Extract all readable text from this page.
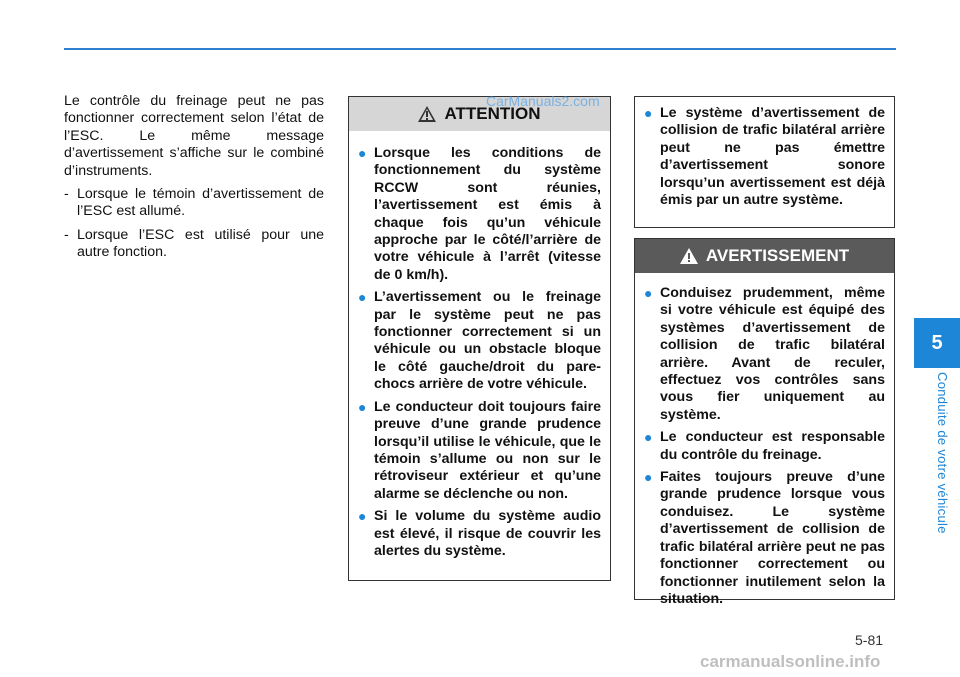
5
Conduite de votre véhicule

Le contrôle du freinage peut ne pas fonctionner correctement selon l’état de l’ESC. Le même message d’avertissement s’affiche sur le combiné d’instruments.

- Lorsque le témoin d’avertissement de l’ESC est allumé.
- Lorsque l’ESC est utilisé pour une autre fonction.
ATTENTION
● Lorsque les conditions de fonctionnement du système RCCW sont réunies, l’avertissement est émis à chaque fois qu’un véhicule approche par le côté/l’arrière de votre véhicule à l’arrêt (vitesse de 0 km/h).
● L’avertissement ou le freinage par le système peut ne pas fonctionner correctement si un véhicule ou un obstacle bloque le côté gauche/droit du pare-chocs arrière de votre véhicule.
● Le conducteur doit toujours faire preuve d’une grande prudence lorsqu’il utilise le véhicule, que le témoin s’allume ou non sur le rétroviseur extérieur et qu’une alarme se déclenche ou non.
● Si le volume du système audio est élevé, il risque de couvrir les alertes du système.
● Le système d’avertissement de collision de trafic bilatéral arrière peut ne pas émettre d’avertissement sonore lorsqu’un avertissement est déjà émis par un autre système.
AVERTISSEMENT
● Conduisez prudemment, même si votre véhicule est équipé des systèmes d’avertissement de collision de trafic bilatéral arrière. Avant de reculer, effectuez vos contrôles sans vous fier uniquement au système.
● Le conducteur est responsable du contrôle du freinage.
● Faites toujours preuve d’une grande prudence lorsque vous conduisez. Le système d’avertissement de collision de trafic bilatéral arrière peut ne pas fonctionner correctement ou fonctionner inutilement selon la situation.
CarManuals2.com
5-81
carmanualsonline.info
